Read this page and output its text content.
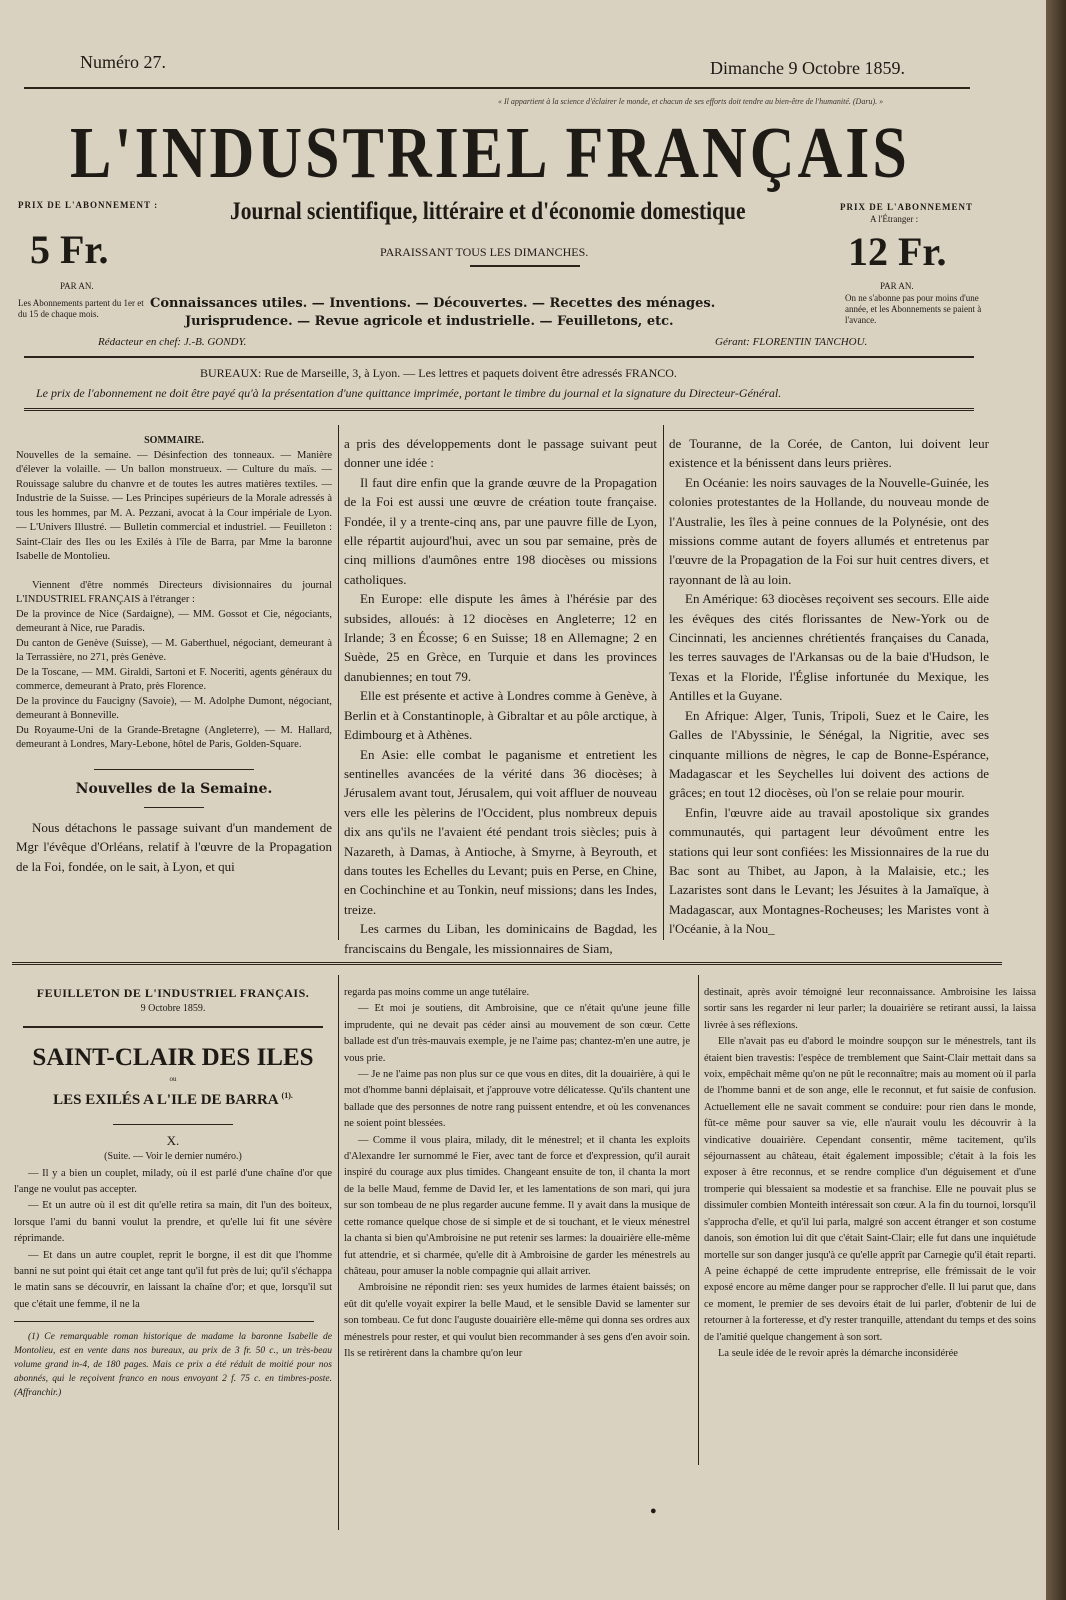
Numéro 27.	Dimanche 9 Octobre 1859.
« Il appartient à la science d'éclairer le monde, et chacun de ses efforts doit tendre au bien-être de l'humanité. (Daru). »
L'INDUSTRIEL FRANÇAIS
PRIX DE L'ABONNEMENT :
5 Fr.
PAR AN.
Les Abonnements partent du 1er et du 15 de chaque mois.
Journal scientifique, littéraire et d'économie domestique
PARAISSANT TOUS LES DIMANCHES.
PRIX DE L'ABONNEMENT
A l'Étranger :
12 Fr.
PAR AN.
On ne s'abonne pas pour moins d'une année, et les Abonnements se paient à l'avance.
Connaissances utiles. — Inventions. — Découvertes. — Recettes des ménages.
Jurisprudence. — Revue agricole et industrielle. — Feuilletons, etc.
Rédacteur en chef: J.-B. GONDY.	Gérant: FLORENTIN TANCHOU.
BUREAUX: Rue de Marseille, 3, à Lyon. — Les lettres et paquets doivent être adressés FRANCO.
Le prix de l'abonnement ne doit être payé qu'à la présentation d'une quittance imprimée, portant le timbre du journal et la signature du Directeur-Général.
SOMMAIRE.

Nouvelles de la semaine. — Désinfection des tonneaux. — Manière d'élever la volaille. — Un ballon monstrueux. — Culture du maïs. — Rouissage salubre du chanvre et de toutes les autres matières textiles. — Industrie de la Suisse. — Les Principes supérieurs de la Morale adressés à tous les hommes, par M. A. Pezzani, avocat à la Cour impériale de Lyon. — L'Univers Illustré. — Bulletin commercial et industriel. — Feuilleton : Saint-Clair des Iles ou les Exilés à l'île de Barra, par Mme la baronne Isabelle de Montolieu.

Viennent d'être nommés Directeurs divisionnaires du journal L'INDUSTRIEL FRANÇAIS à l'étranger :

De la province de Nice (Sardaigne), — MM. Gossot et Cie, négociants, demeurant à Nice, rue Paradis.

Du canton de Genève (Suisse), — M. Gaberthuel, négociant, demeurant à la Terrassière, no 271, près Genève.

De la Toscane, — MM. Giraldi, Sartoni et F. Noceriti, agents généraux du commerce, demeurant à Prato, près Florence.

De la province du Faucigny (Savoie), — M. Adolphe Dumont, négociant, demeurant à Bonneville.

Du Royaume-Uni de la Grande-Bretagne (Angleterre), — M. Hallard, demeurant à Londres, Mary-Lebone, hôtel de Paris, Golden-Square.

Nouvelles de la Semaine.

Nous détachons le passage suivant d'un mandement de Mgr l'évêque d'Orléans, relatif à l'œuvre de la Propagation de la Foi, fondée, on le sait, à Lyon, et qui

a pris des développements dont le passage suivant peut donner une idée :

Il faut dire enfin que la grande œuvre de la Propagation de la Foi est aussi une œuvre de création toute française. Fondée, il y a trente-cinq ans, par une pauvre fille de Lyon, elle répartit aujourd'hui, avec un sou par semaine, près de cinq millions d'aumônes entre 198 diocèses ou missions catholiques.

En Europe: elle dispute les âmes à l'hérésie par des subsides, alloués: à 12 diocèses en Angleterre; 12 en Irlande; 3 en Écosse; 6 en Suisse; 18 en Allemagne; 2 en Suède, 25 en Grèce, en Turquie et dans les provinces danubiennes; en tout 79.

Elle est présente et active à Londres comme à Genève, à Berlin et à Constantinople, à Gibraltar et au pôle arctique, à Edimbourg et à Athènes.

En Asie: elle combat le paganisme et entretient les sentinelles avancées de la vérité dans 36 diocèses; à Jérusalem avant tout, Jérusalem, qui voit affluer de nouveau vers elle les pèlerins de l'Occident, plus nombreux depuis dix ans qu'ils ne l'avaient été pendant trois siècles; puis à Nazareth, à Damas, à Antioche, à Smyrne, à Beyrouth, et dans toutes les Echelles du Levant; puis en Perse, en Chine, en Cochinchine et au Tonkin, neuf missions; dans les Indes, treize.

Les carmes du Liban, les dominicains de Bagdad, les franciscains du Bengale, les missionnaires de Siam,

de Touranne, de la Corée, de Canton, lui doivent leur existence et la bénissent dans leurs prières.

En Océanie: les noirs sauvages de la Nouvelle-Guinée, les colonies protestantes de la Hollande, du nouveau monde de l'Australie, les îles à peine connues de la Polynésie, ont des missions comme autant de foyers allumés et entretenus par l'œuvre de la Propagation de la Foi sur huit centres divers, et rayonnant de là au loin.

En Amérique: 63 diocèses reçoivent ses secours. Elle aide les évêques des cités florissantes de New-York ou de Cincinnati, les anciennes chrétientés françaises du Canada, les terres sauvages de l'Arkansas ou de la baie d'Hudson, le Texas et la Floride, l'Église infortunée du Mexique, les Antilles et la Guyane.

En Afrique: Alger, Tunis, Tripoli, Suez et le Caire, les Galles de l'Abyssinie, le Sénégal, la Nigritie, avec ses cinquante millions de nègres, le cap de Bonne-Espérance, Madagascar et les Seychelles lui doivent des actions de grâces; en tout 12 diocèses, où l'on se relaie pour mourir.

Enfin, l'œuvre aide au travail apostolique six grandes communautés, qui partagent leur dévoûment entre les stations qui leur sont confiées: les Missionnaires de la rue du Bac sont au Thibet, au Japon, à la Malaisie, etc.; les Lazaristes sont dans le Levant; les Jésuites à la Jamaïque, à Madagascar, aux Montagnes-Rocheuses; les Maristes vont à l'Océanie, à la Nou_

FEUILLETON DE L'INDUSTRIEL FRANÇAIS.
9 Octobre 1859.
SAINT-CLAIR DES ILES
ou
LES EXILÉS A L'ILE DE BARRA $^{(1).}$
X.
(Suite. — Voir le dernier numéro.)

— Il y a bien un couplet, milady, où il est parlé d'une chaîne d'or que l'ange ne voulut pas accepter.

— Et un autre où il est dit qu'elle retira sa main, dit l'un des boiteux, lorsque l'ami du banni voulut la prendre, et qu'elle lui fit une sévère réprimande.

— Et dans un autre couplet, reprit le borgne, il est dit que l'homme banni ne sut point qui était cet ange tant qu'il fut près de lui; qu'il s'échappa le matin sans se découvrir, en laissant la chaîne d'or; et que, lorsqu'il sut que c'était une femme, il ne la

(1) Ce remarquable roman historique de madame la baronne Isabelle de Montolieu, est en vente dans nos bureaux, au prix de 3 fr. 50 c., un très-beau volume grand in-4, de 180 pages. Mais ce prix a été réduit de moitié pour nos abonnés, qui le reçoivent franco en nous envoyant 2 f. 75 c. en timbres-poste. (Affranchir.)

regarda pas moins comme un ange tutélaire.

— Et moi je soutiens, dit Ambroisine, que ce n'était qu'une jeune fille imprudente, qui ne devait pas céder ainsi au mouvement de son cœur. Cette ballade est d'un très-mauvais exemple, je ne l'aime pas; chantez-m'en une autre, je vous prie.

— Je ne l'aime pas non plus sur ce que vous en dites, dit la douairière, à qui le mot d'homme banni déplaisait, et j'approuve votre délicatesse. Qu'ils chantent une ballade que des personnes de notre rang puissent entendre, et où les convenances ne soient point blessées.

— Comme il vous plaira, milady, dit le ménestrel; et il chanta les exploits d'Alexandre Ier surnommé le Fier, avec tant de force et d'expression, qu'il aurait inspiré du courage aux plus timides. Changeant ensuite de ton, il chanta la mort de la belle Maud, femme de David Ier, et les lamentations de son mari, qui jura sur son tombeau de ne plus regarder aucune femme. Il y avait dans la musique de cette romance quelque chose de si simple et de si touchant, et le vieux ménestrel la chanta si bien qu'Ambroisine ne put retenir ses larmes: la douairière elle-même fut attendrie, et si charmée, qu'elle dit à Ambroisine de garder les ménestrels au château, pour amuser la noble compagnie qui allait arriver.

Ambroisine ne répondit rien: ses yeux humides de larmes étaient baissés; on eût dit qu'elle voyait expirer la belle Maud, et le sensible David se lamenter sur son tombeau. Ce fut donc l'auguste douairière elle-même qui donna ses ordres aux ménestrels pour rester, et qui voulut bien recommander à ses gens d'en avoir soin. Ils se retirèrent dans la chambre qu'on leur

destinait, après avoir témoigné leur reconnaissance. Ambroisine les laissa sortir sans les regarder ni leur parler; la douairière se retirant aussi, la laissa livrée à ses réflexions.

Elle n'avait pas eu d'abord le moindre soupçon sur le ménestrels, tant ils étaient bien travestis: l'espèce de tremblement que Saint-Clair mettait dans sa voix, empêchait même qu'on ne pût le reconnaître; mais au moment où il parla de l'homme banni et de son ange, elle le reconnut, et fut saisie de confusion. Actuellement elle ne savait comment se conduire: pour rien dans le monde, fût-ce même pour sauver sa vie, elle n'aurait voulu les découvrir à la vindicative douairière. Cependant consentir, même tacitement, qu'ils séjournassent au château, était également impossible; c'était à la fois les exposer à être reconnus, et se rendre complice d'un déguisement et d'une tromperie qui blessaient sa modestie et sa franchise. Elle ne pouvait plus se dissimuler combien Monteith intéressait son cœur. A la fin du tournoi, lorsqu'il s'approcha d'elle, et qu'il lui parla, malgré son accent étranger et son costume danois, son émotion lui dit que c'était Saint-Clair; elle fut dans une inquiétude mortelle sur son danger jusqu'à ce qu'elle apprît par Carnegie qu'il était reparti. A peine échappé de cette imprudente entreprise, elle frémissait de le voir exposé encore au même danger pour se rapprocher d'elle. Il lui parut que, dans ce moment, le premier de ses devoirs était de lui parler, d'obtenir de lui de retourner à la forteresse, et d'y rester tranquille, attendant du temps et des soins de l'amitié quelque changement à son sort.

La seule idée de le revoir après la démarche inconsidérée

●
